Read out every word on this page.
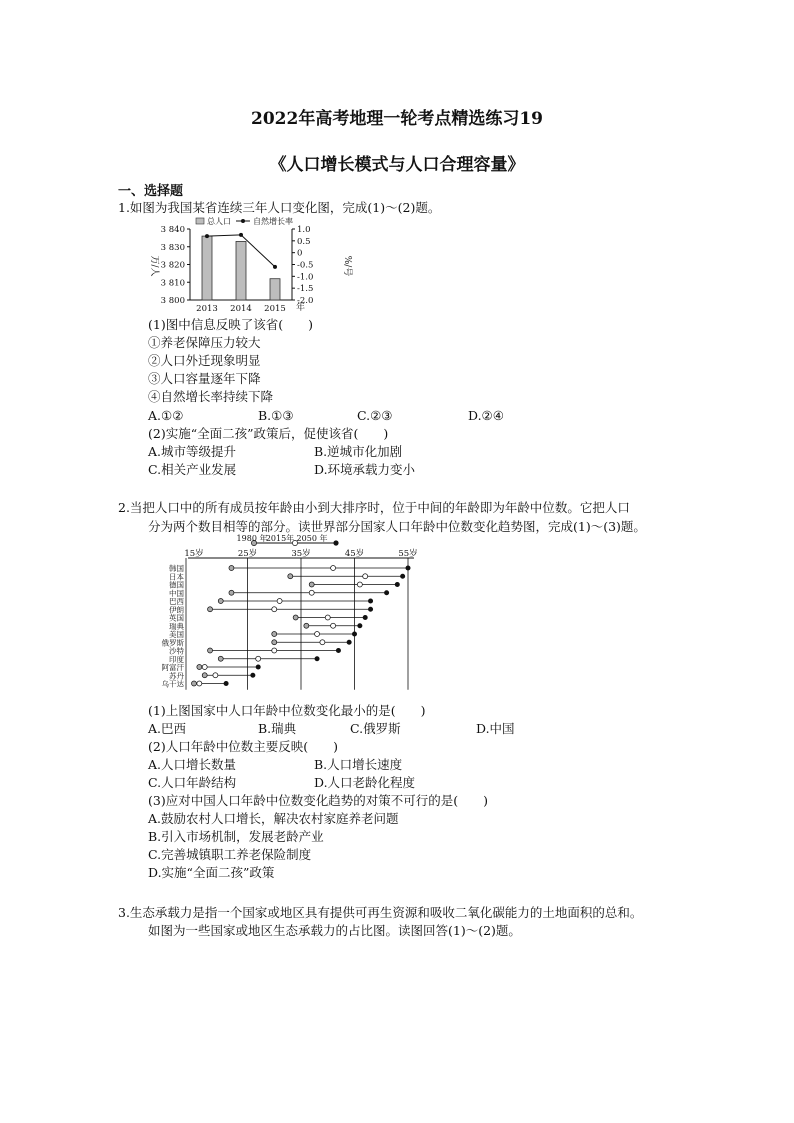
2022年高考地理一轮考点精选练习19
《人口增长模式与人口合理容量》
一、选择题
1.如图为我国某省连续三年人口变化图，完成(1)～(2)题。
3 800
3 810
3 820
3 830
3 840	1.0
0.5
0
-0.5
-1.0
-1.5
-2.0
万/人	%/号
2013 2014 2015 年
总人口	自然增长率
(1)图中信息反映了该省(　　)
①养老保障压力较大
②人口外迁现象明显
③人口容量逐年下降
④自然增长率持续下降
A.①②	B.①③	C.②③	D.②④
(2)实施“全面二孩”政策后，促使该省(　　)
A.城市等级提升	B.逆城市化加剧
C.相关产业发展	D.环境承载力变小
2.当把人口中的所有成员按年龄由小到大排序时，位于中间的年龄即为年龄中位数。它把人口
分为两个数目相等的部分。读世界部分国家人口年龄中位数变化趋势图，完成(1)～(3)题。
1980 年
2015年 2050 年
15岁	25岁	35岁	45岁	55岁
韩国
日本
德国
中国
巴西
伊朗
英国
瑞典
美国
俄罗斯
沙特
印度
阿富汗
苏丹
乌干达
(1)上图国家中人口年龄中位数变化最小的是(　　)
A.巴西	B.瑞典	C.俄罗斯	D.中国
(2)人口年龄中位数主要反映(　　)
A.人口增长数量	B.人口增长速度
C.人口年龄结构	D.人口老龄化程度
(3)应对中国人口年龄中位数变化趋势的对策不可行的是(　　)
A.鼓励农村人口增长，解决农村家庭养老问题
B.引入市场机制，发展老龄产业
C.完善城镇职工养老保险制度
D.实施“全面二孩”政策
3.生态承载力是指一个国家或地区具有提供可再生资源和吸收二氧化碳能力的土地面积的总和。
如图为一些国家或地区生态承载力的占比图。读图回答(1)～(2)题。
